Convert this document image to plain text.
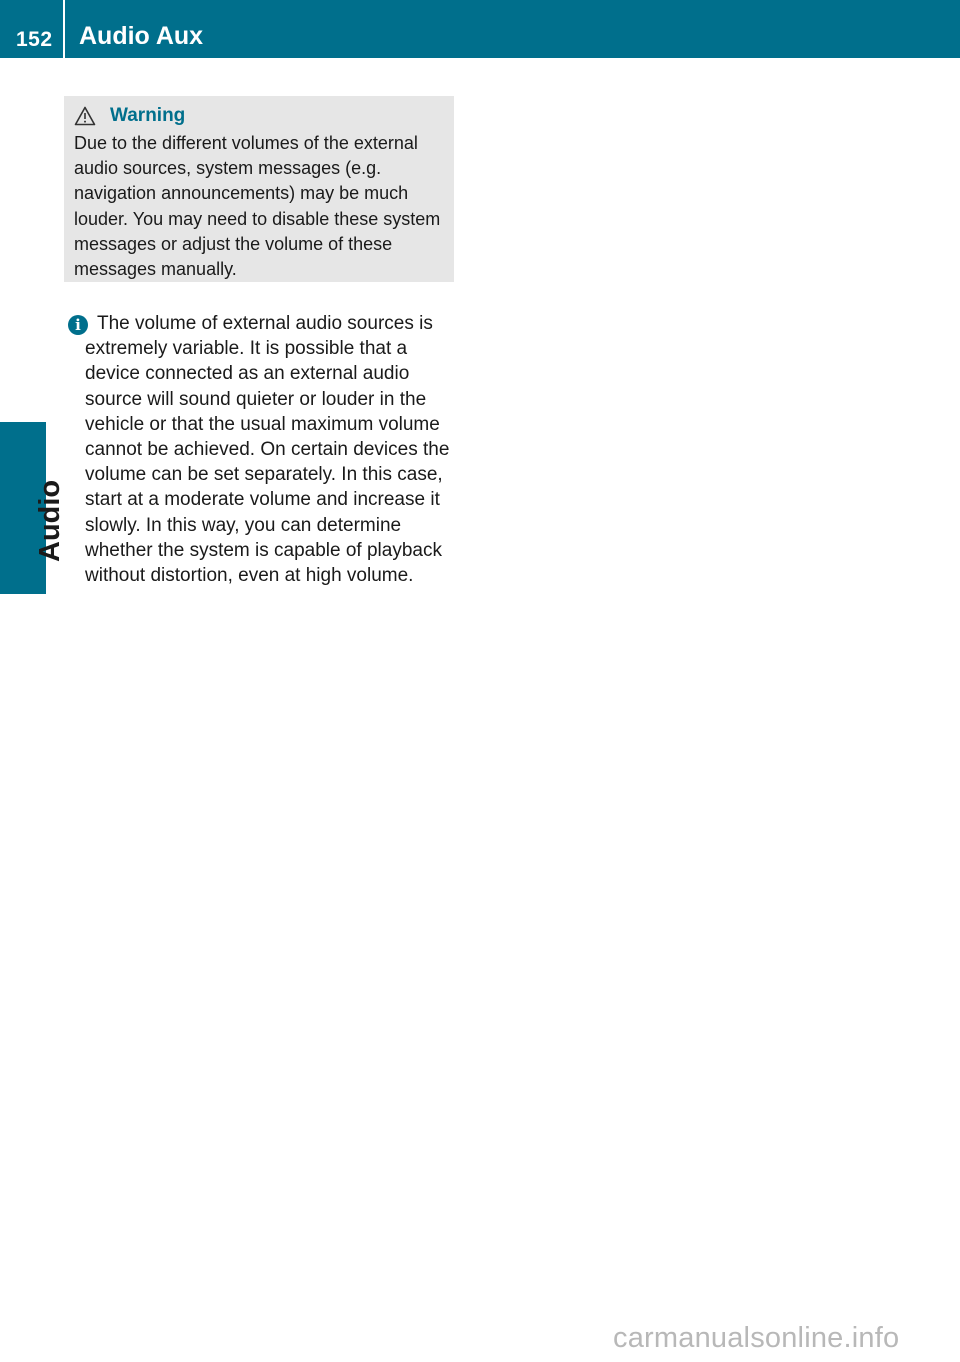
152 Audio Aux
Audio
Warning

Due to the different volumes of the external audio sources, system messages (e.g. navigation announcements) may be much louder. You may need to disable these system messages or adjust the volume of these messages manually.

i The volume of external audio sources is extremely variable. It is possible that a device connected as an external audio source will sound quieter or louder in the vehicle or that the usual maximum volume cannot be achieved. On certain devices the volume can be set separately. In this case, start at a moderate volume and increase it slowly. In this way, you can determine whether the system is capable of playback without distortion, even at high volume.

carmanualsonline.info
